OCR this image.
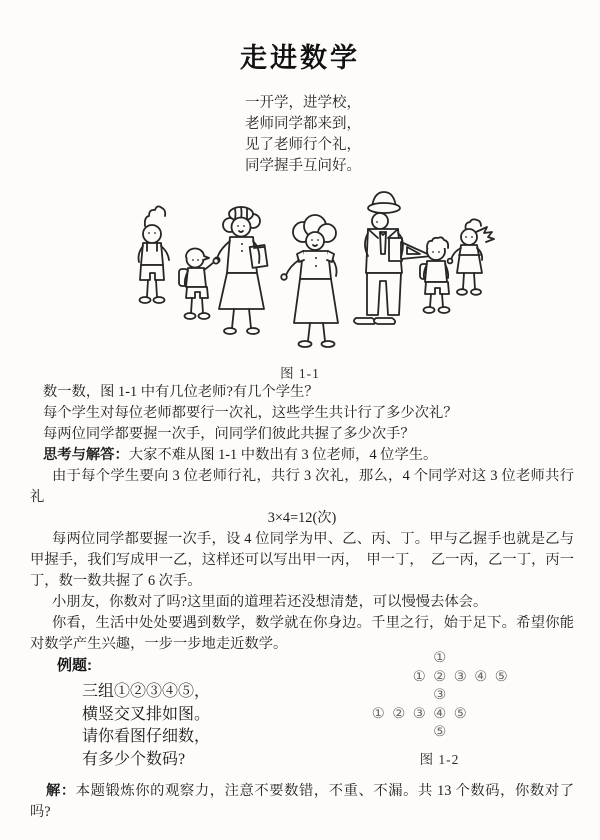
走进数学
一开学，进学校，
老师同学都来到，
见了老师行个礼，
同学握手互问好。
图 1-1

数一数，图 1-1 中有几位老师?有几个学生？

每个学生对每位老师都要行一次礼，这些学生共计行了多少次礼？

每两位同学都要握一次手，问同学们彼此共握了多少次手？

思考与解答：大家不难从图 1-1 中数出有 3 位老师，4 位学生。

由于每个学生要向 3 位老师行礼，共行 3 次礼，那么，4 个同学对这 3 位老师共行礼

3×4=12(次)

每两位同学都要握一次手，设 4 位同学为甲、乙、丙、丁。甲与乙握手也就是乙与甲握手，我们写成甲一乙，这样还可以写出甲一丙，　甲一丁，　乙一丙，乙一丁，丙一丁，数一数共握了 6 次手。

小朋友，你数对了吗?这里面的道理若还没想清楚，可以慢慢去体会。

你看，生活中处处要遇到数学，数学就在你身边。千里之行，始于足下。希望你能对数学产生兴趣，一步一步地走近数学。

例题:
三组①②③④⑤，
横竖交叉排如图。
请你看图仔细数，
有多少个数码?
①
① ② ③ ④ ⑤
③
① ② ③ ④ ⑤
⑤
图 1-2
解：本题锻炼你的观察力，注意不要数错，不重、不漏。共 13 个数码，你数对了吗?
